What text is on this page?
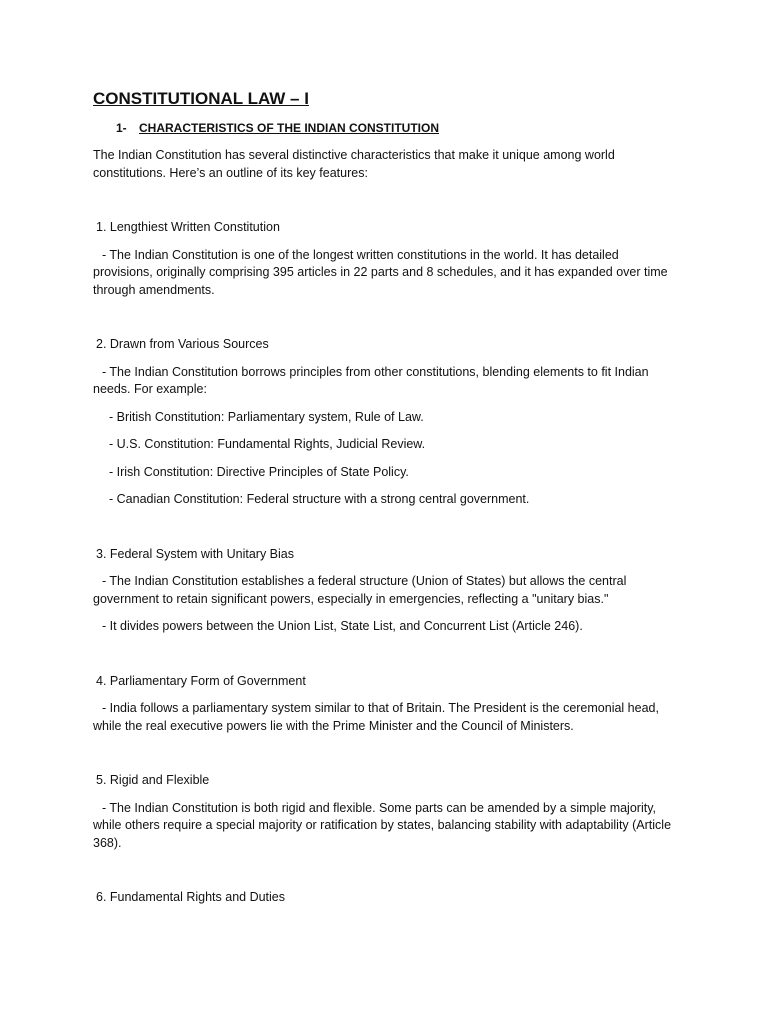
CONSTITUTIONAL LAW – I
1- CHARACTERISTICS OF THE INDIAN CONSTITUTION

The Indian Constitution has several distinctive characteristics that make it unique among world constitutions. Here’s an outline of its key features:

1. Lengthiest Written Constitution

- The Indian Constitution is one of the longest written constitutions in the world. It has detailed provisions, originally comprising 395 articles in 22 parts and 8 schedules, and it has expanded over time through amendments.

2. Drawn from Various Sources

- The Indian Constitution borrows principles from other constitutions, blending elements to fit Indian needs. For example:

- British Constitution: Parliamentary system, Rule of Law.

- U.S. Constitution: Fundamental Rights, Judicial Review.

- Irish Constitution: Directive Principles of State Policy.

- Canadian Constitution: Federal structure with a strong central government.

3. Federal System with Unitary Bias

- The Indian Constitution establishes a federal structure (Union of States) but allows the central government to retain significant powers, especially in emergencies, reflecting a "unitary bias."

- It divides powers between the Union List, State List, and Concurrent List (Article 246).

4. Parliamentary Form of Government

- India follows a parliamentary system similar to that of Britain. The President is the ceremonial head, while the real executive powers lie with the Prime Minister and the Council of Ministers.

5. Rigid and Flexible

- The Indian Constitution is both rigid and flexible. Some parts can be amended by a simple majority, while others require a special majority or ratification by states, balancing stability with adaptability (Article 368).

6. Fundamental Rights and Duties
